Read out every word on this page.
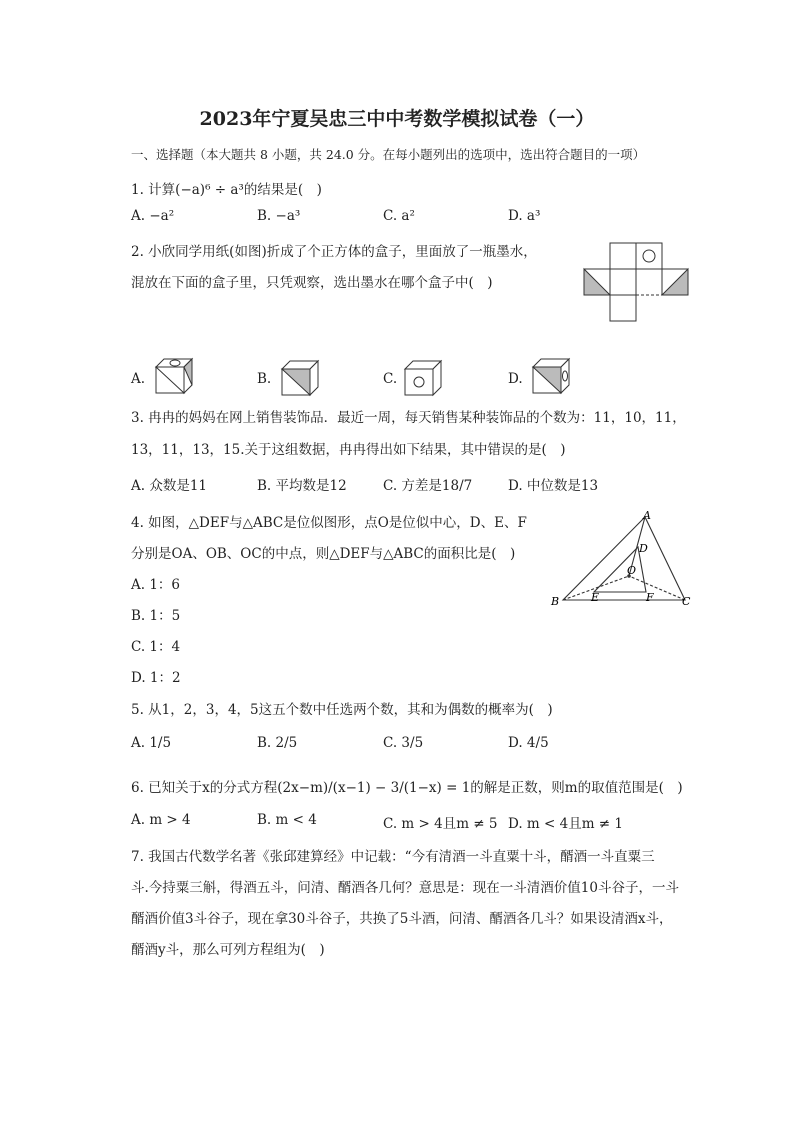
2023年宁夏吴忠三中中考数学模拟试卷（一）
一、选择题（本大题共 8 小题，共 24.0 分。在每小题列出的选项中，选出符合题目的一项）
1. 计算(−a)⁶ ÷ a³的结果是(　)
A. −a²	B. −a³	C. a²	D. a³
2. 小欣同学用纸(如图)折成了个正方体的盒子，里面放了一瓶墨水，
混放在下面的盒子里，只凭观察，选出墨水在哪个盒子中(　)
A.	B.	C.	D.
3. 冉冉的妈妈在网上销售装饰品．最近一周，每天销售某种装饰品的个数为：11，10，11，
13，11，13，15.关于这组数据，冉冉得出如下结果，其中错误的是(　)
A. 众数是11	B. 平均数是12	C. 方差是18/7	D. 中位数是13
4. 如图，△DEF与△ABC是位似图形，点O是位似中心，D、E、F
分别是OA、OB、OC的中点，则△DEF与△ABC的面积比是(　)
A. 1：6
B. 1：5
C. 1：4
D. 1：2
A
B	C
D
E	F
O
5. 从1，2，3，4，5这五个数中任选两个数，其和为偶数的概率为(　)
A. 1/5	B. 2/5	C. 3/5	D. 4/5
6. 已知关于x的分式方程(2x−m)/(x−1) − 3/(1−x) = 1的解是正数，则m的取值范围是(　)
A. m > 4	B. m < 4	C. m > 4且m ≠ 5 D. m < 4且m ≠ 1
7. 我国古代数学名著《张邱建算经》中记载：“今有清酒一斗直粟十斗，醑酒一斗直粟三
斗.今持粟三斛，得酒五斗，问清、醑酒各几何？意思是：现在一斗清酒价值10斗谷子，一斗
醑酒价值3斗谷子，现在拿30斗谷子，共换了5斗酒，问清、醑酒各几斗？如果设清酒x斗，
醑酒y斗，那么可列方程组为(　)
